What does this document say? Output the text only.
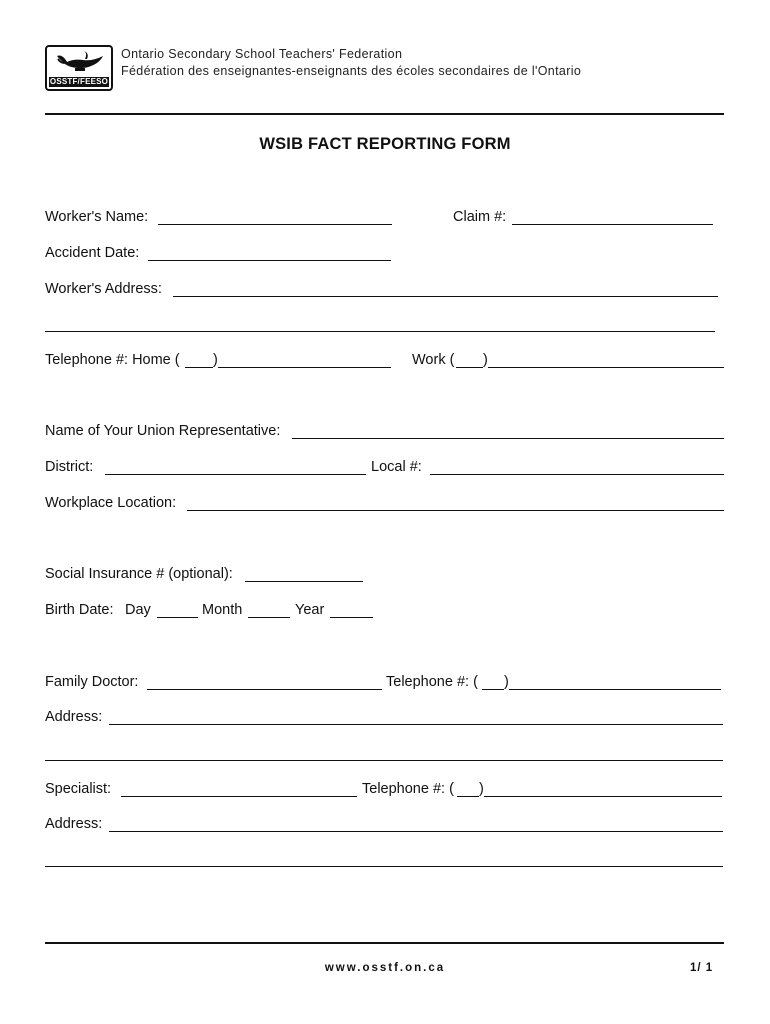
OSSTF/FEESO
Ontario Secondary School Teachers' Federation
Fédération des enseignantes-enseignants des écoles secondaires de l'Ontario
WSIB FACT REPORTING FORM
Worker's Name:	Claim #:
Accident Date:
Worker's Address:
Telephone #: Home ( )	Work ( )
Name of Your Union Representative:
District:	Local #:
Workplace Location:
Social Insurance # (optional):
Birth Date: Day	Month	Year
Family Doctor:	Telephone #: ( )
Address:
Specialist:	Telephone #: ( )
Address:
www.osstf.on.ca	1/ 1
